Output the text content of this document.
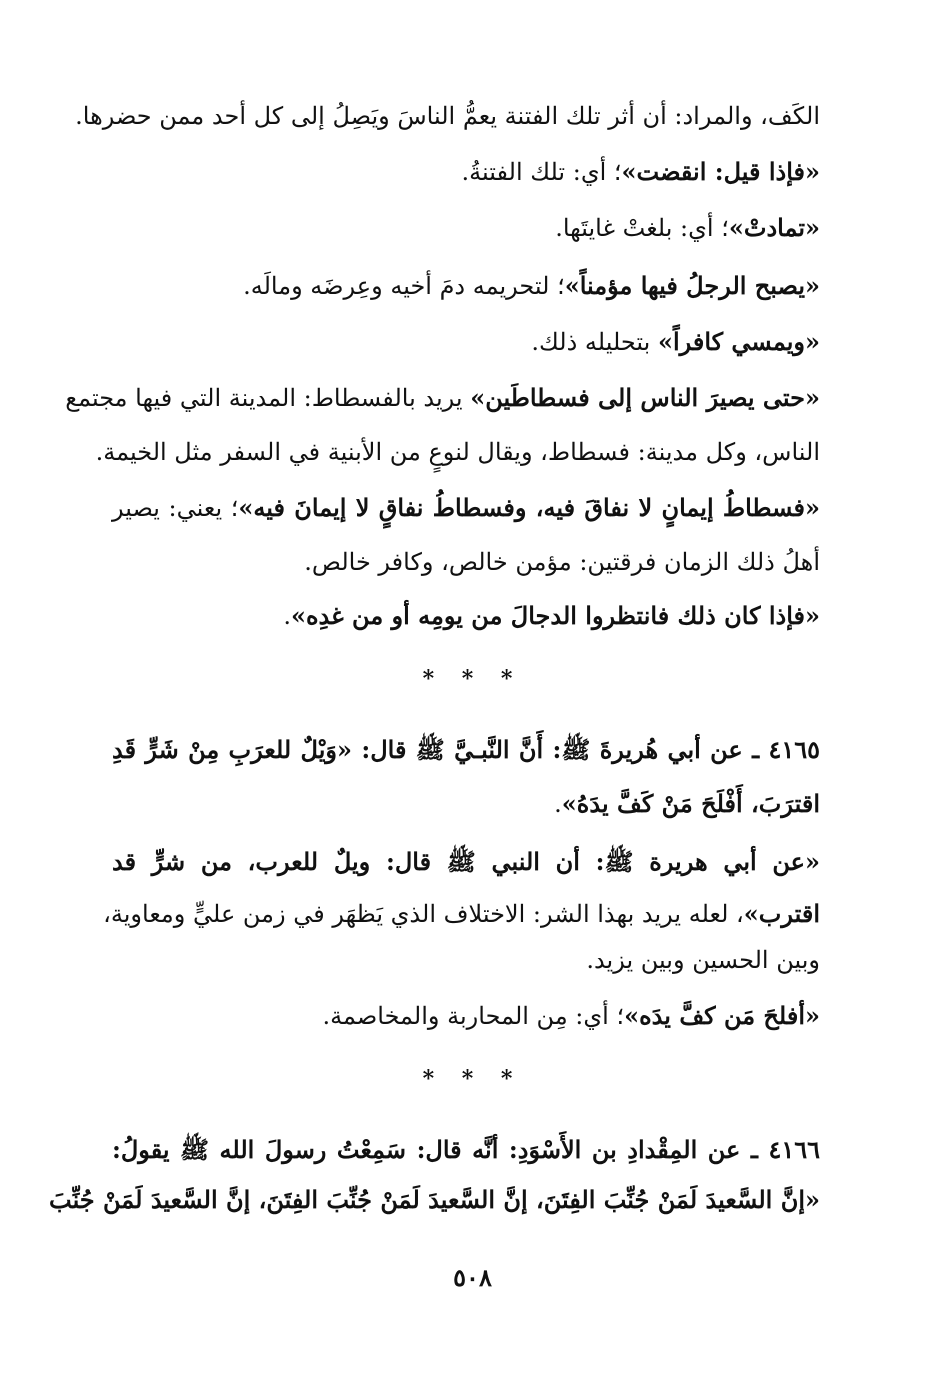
الكَف، والمراد: أن أثر تلك الفتنة يعمُّ الناسَ ويَصِلُ إلى كل أحد ممن حضرها.
«فإذا قيل: انقضت»؛ أي: تلك الفتنةُ.
«تمادتْ»؛ أي: بلغتْ غايتَها.
«يصبح الرجلُ فيها مؤمناً»؛ لتحريمه دمَ أخيه وعِرضَه ومالَه.
«ويمسي كافراً» بتحليله ذلك.
«حتى يصيرَ الناس إلى فسطاطَين» يريد بالفسطاط: المدينة التي فيها مجتمع
الناس، وكل مدينة: فسطاط، ويقال لنوعٍ من الأبنية في السفر مثل الخيمة.
«فسطاطُ إيمانٍ لا نفاقَ فيه، وفسطاطُ نفاقٍ لا إيمانَ فيه»؛ يعني: يصير
أهلُ ذلك الزمان فرقتين: مؤمن خالص، وكافر خالص.
«فإذا كان ذلك فانتظروا الدجالَ من يومِه أو من غدِه».
* * *
٤١٦٥ ـ عن أبي هُريرةَ ﷺ: أَنَّ النَّبـيَّ ﷺ قال: «وَيْلٌ للعرَبِ مِنْ شَرٍّ قَدِ
اقترَبَ، أَفْلَحَ مَنْ كَفَّ يدَهُ».
«عن أبي هريرة ﷺ: أن النبي ﷺ قال: ويلٌ للعرب، من شرٍّ قد
اقترب»، لعله يريد بهذا الشر: الاختلاف الذي يَظهَر في زمن عليٍّ ومعاوية،
وبين الحسين وبين يزيد.
«أفلحَ مَن كفَّ يدَه»؛ أي: مِن المحاربة والمخاصمة.
* * *
٤١٦٦ ـ عن المِقْدادِ بن الأَسْوَدِ: أنَّه قال: سَمِعْتُ رسولَ الله ﷺ يقولُ:
«إنَّ السَّعيدَ لَمَنْ جُنِّبَ الفِتَنَ، إنَّ السَّعيدَ لَمَنْ جُنِّبَ الفِتَنَ، إنَّ السَّعيدَ لَمَنْ جُنِّبَ
٥٠٨
